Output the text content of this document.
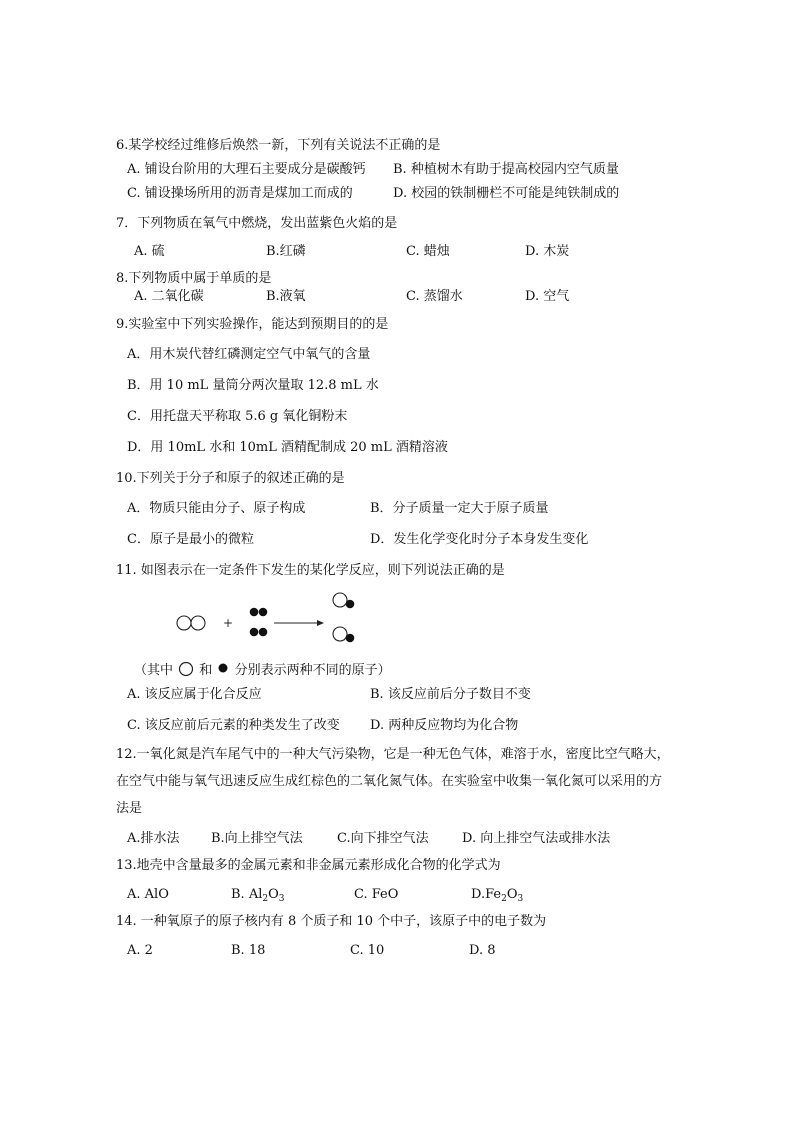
6.某学校经过维修后焕然一新，下列有关说法不正确的是
A. 铺设台阶用的大理石主要成分是碳酸钙 B. 种植树木有助于提高校园内空气质量
C. 铺设操场所用的沥青是煤加工而成的	D. 校园的铁制栅栏不可能是纯铁制成的
7．下列物质在氧气中燃烧，发出蓝紫色火焰的是
A. 硫	B.红磷	C. 蜡烛	D. 木炭
8.下列物质中属于单质的是
A. 二氧化碳	B.液氧	C. 蒸馏水	D. 空气
9.实验室中下列实验操作，能达到预期目的的是
A．用木炭代替红磷测定空气中氧气的含量
B．用 10 mL 量筒分两次量取 12.8 mL 水
C．用托盘天平称取 5.6 g 氧化铜粉末
D．用 10mL 水和 10mL 酒精配制成 20 mL 酒精溶液
10.下列关于分子和原子的叙述正确的是
A．物质只能由分子、原子构成	B．分子质量一定大于原子质量
C．原子是最小的微粒	D．发生化学变化时分子本身发生变化
11. 如图表示在一定条件下发生的某化学反应，则下列说法正确的是
+
（其中 和 分别表示两种不同的原子）
A. 该反应属于化合反应	B. 该反应前后分子数目不变
C. 该反应前后元素的种类发生了改变 D. 两种反应物均为化合物
12.一氧化氮是汽车尾气中的一种大气污染物，它是一种无色气体，难溶于水，密度比空气略大，
在空气中能与氧气迅速反应生成红棕色的二氧化氮气体。在实验室中收集一氧化氮可以采用的方
法是
A.排水法 B.向上排空气法	C.向下排空气法	D. 向上排空气法或排水法
13.地壳中含量最多的金属元素和非金属元素形成化合物的化学式为
A. AlO	B. $Al_2O_3$	C. FeO	$D.Fe_2O_3$
14. 一种氧原子的原子核内有 8 个质子和 10 个中子，该原子中的电子数为
A. 2	B. 18	C. 10	D. 8
